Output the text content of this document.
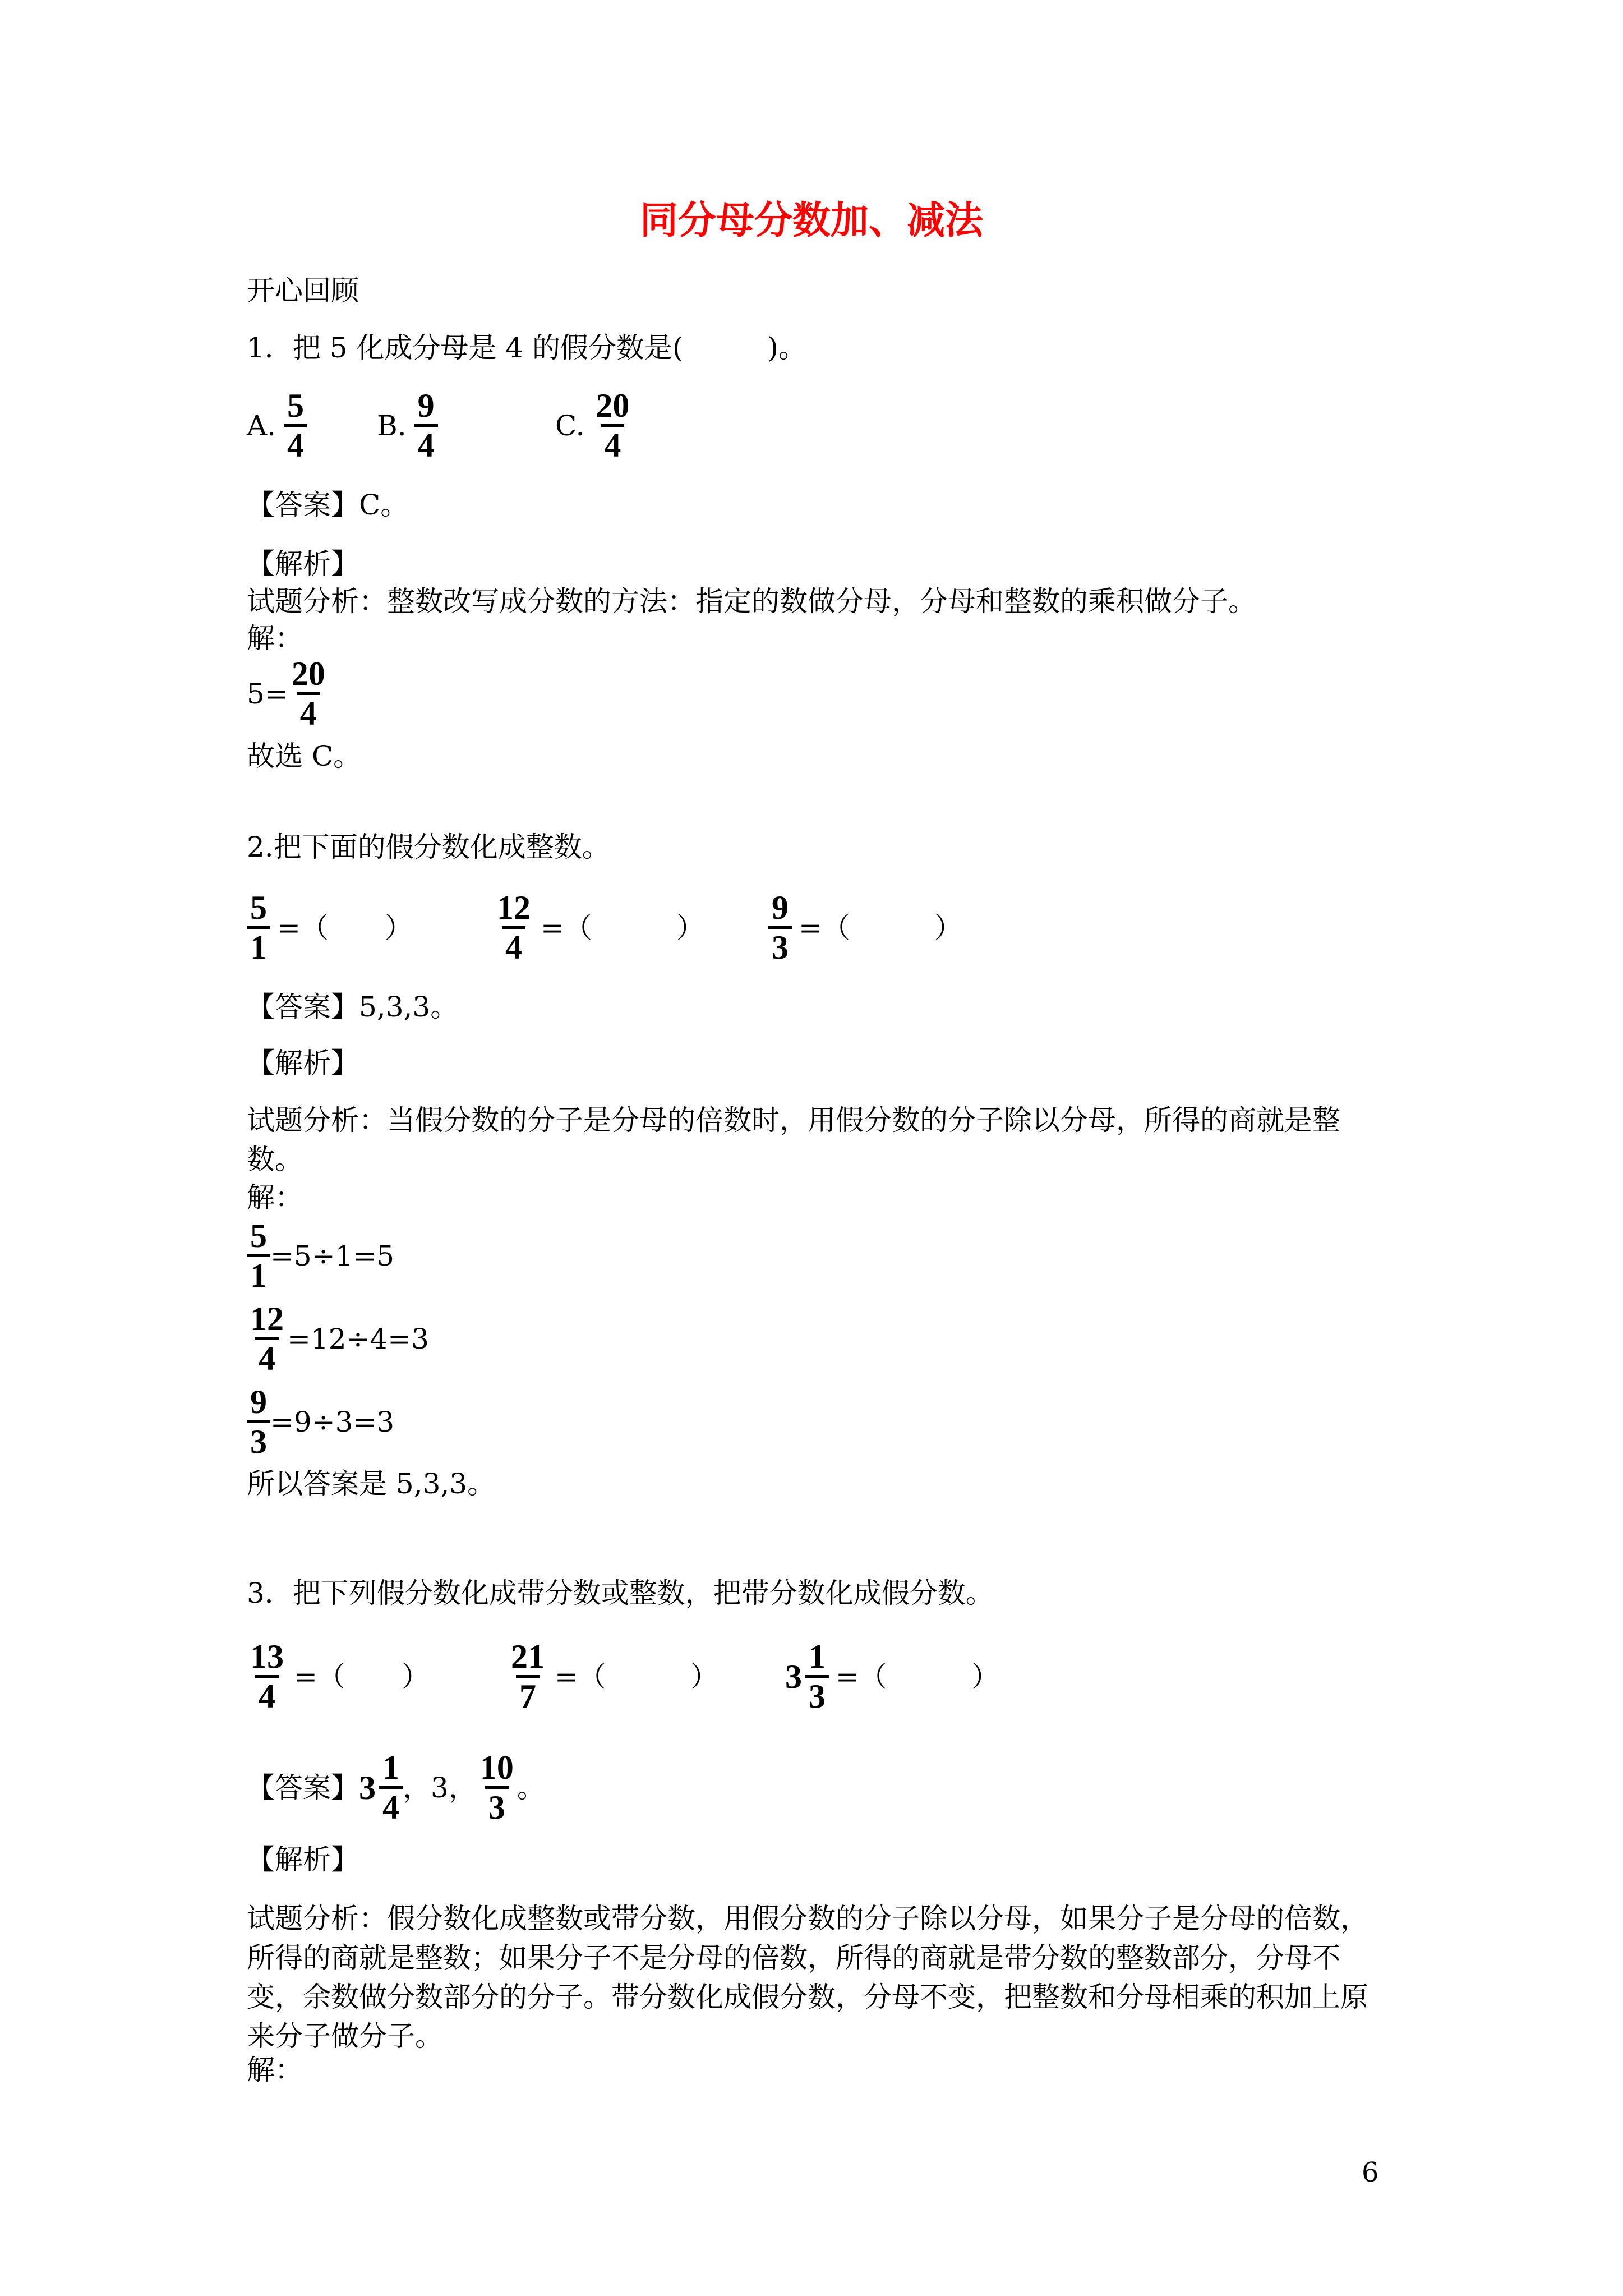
同分母分数加、减法
开心回顾
1．把 5 化成分母是 4 的假分数是(　　　)。
A. $\frac{5}{4} B$. $\frac{9}{4}$	C. $\frac{20}{4}$
【答案】C。
【解析】
试题分析：整数改写成分数的方法：指定的数做分母，分母和整数的乘积做分子。
解：
$5= \frac{20}{4}$
故选 C。
2.把下面的假分数化成整数。
$\frac{5}{1}$ =（　　） $\frac{12}{4}$ =（　　　） $\frac{9}{3}$ =（　　　）
【答案】5,3,3。
【解析】
试题分析：当假分数的分子是分母的倍数时，用假分数的分子除以分母，所得的商就是整数。
解：
$\frac{5}{1} =5\div 1=5$
$\frac{12}{4} =12\div 4=3$
$\frac{9}{3} =9\div 3=3$
所以答案是 5,3,3。
3．把下列假分数化成带分数或整数，把带分数化成假分数。
$\frac{13}{4}$ =（　　） $\frac{21}{7}$ =（　　　） $3 \frac{1}{3}$ =（　　　）
【答案】 $3 \frac{1}{4}$ ，3， $\frac{10}{3}$ 。
【解析】
试题分析：假分数化成整数或带分数，用假分数的分子除以分母，如果分子是分母的倍数，所得的商就是整数；如果分子不是分母的倍数，所得的商就是带分数的整数部分，分母不变，余数做分数部分的分子。带分数化成假分数，分母不变，把整数和分母相乘的积加上原来分子做分子。
解：
6
